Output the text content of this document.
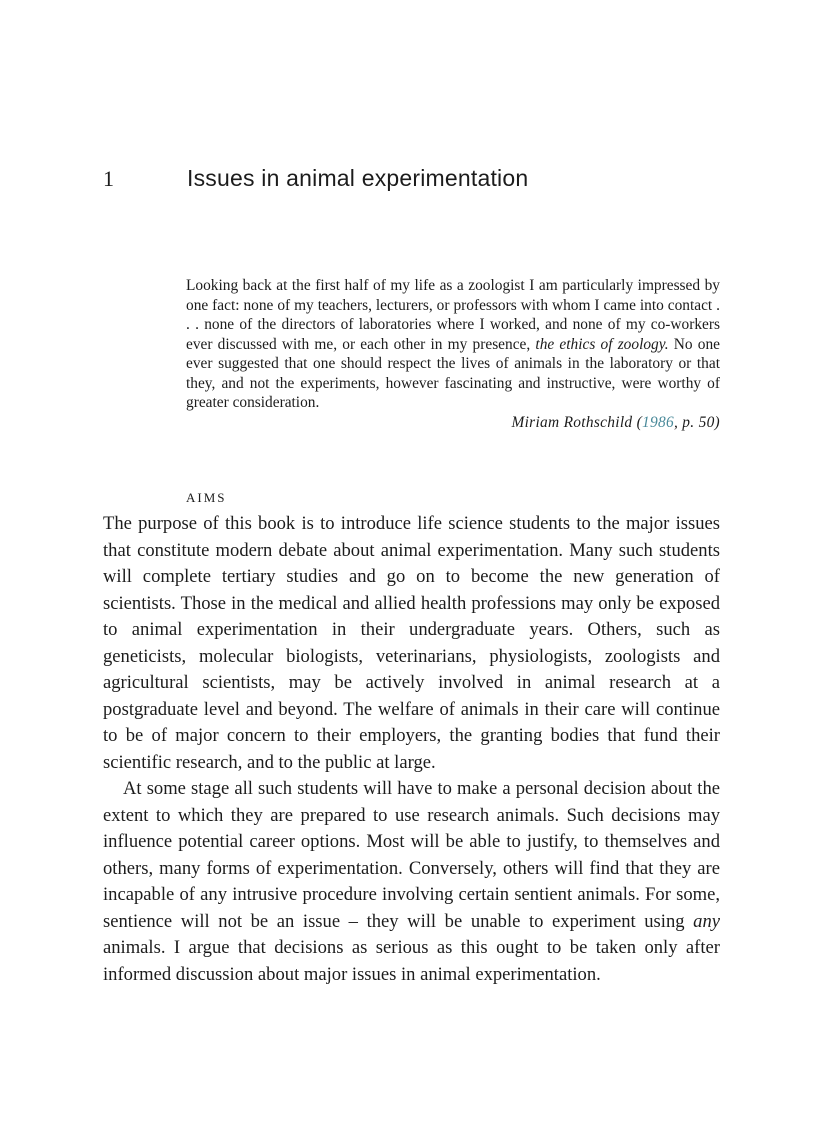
1	Issues in animal experimentation

Looking back at the first half of my life as a zoologist I am particularly impressed by one fact: none of my teachers, lecturers, or professors with whom I came into contact . . . none of the directors of laboratories where I worked, and none of my co-workers ever discussed with me, or each other in my presence, the ethics of zoology. No one ever suggested that one should respect the lives of animals in the laboratory or that they, and not the experiments, however fascinating and instructive, were worthy of greater consideration.

Miriam Rothschild (1986, p. 50)

AIMS

The purpose of this book is to introduce life science students to the major issues that constitute modern debate about animal experimentation. Many such students will complete tertiary studies and go on to become the new generation of scientists. Those in the medical and allied health professions may only be exposed to animal experimentation in their undergraduate years. Others, such as geneticists, molecular biologists, veterinarians, physiologists, zoologists and agricultural scientists, may be actively involved in animal research at a postgraduate level and beyond. The welfare of animals in their care will continue to be of major concern to their employers, the granting bodies that fund their scientific research, and to the public at large.

At some stage all such students will have to make a personal decision about the extent to which they are prepared to use research animals. Such decisions may influence potential career options. Most will be able to justify, to themselves and others, many forms of experimentation. Conversely, others will find that they are incapable of any intrusive procedure involving certain sentient animals. For some, sentience will not be an issue – they will be unable to experiment using any animals. I argue that decisions as serious as this ought to be taken only after informed discussion about major issues in animal experimentation.
